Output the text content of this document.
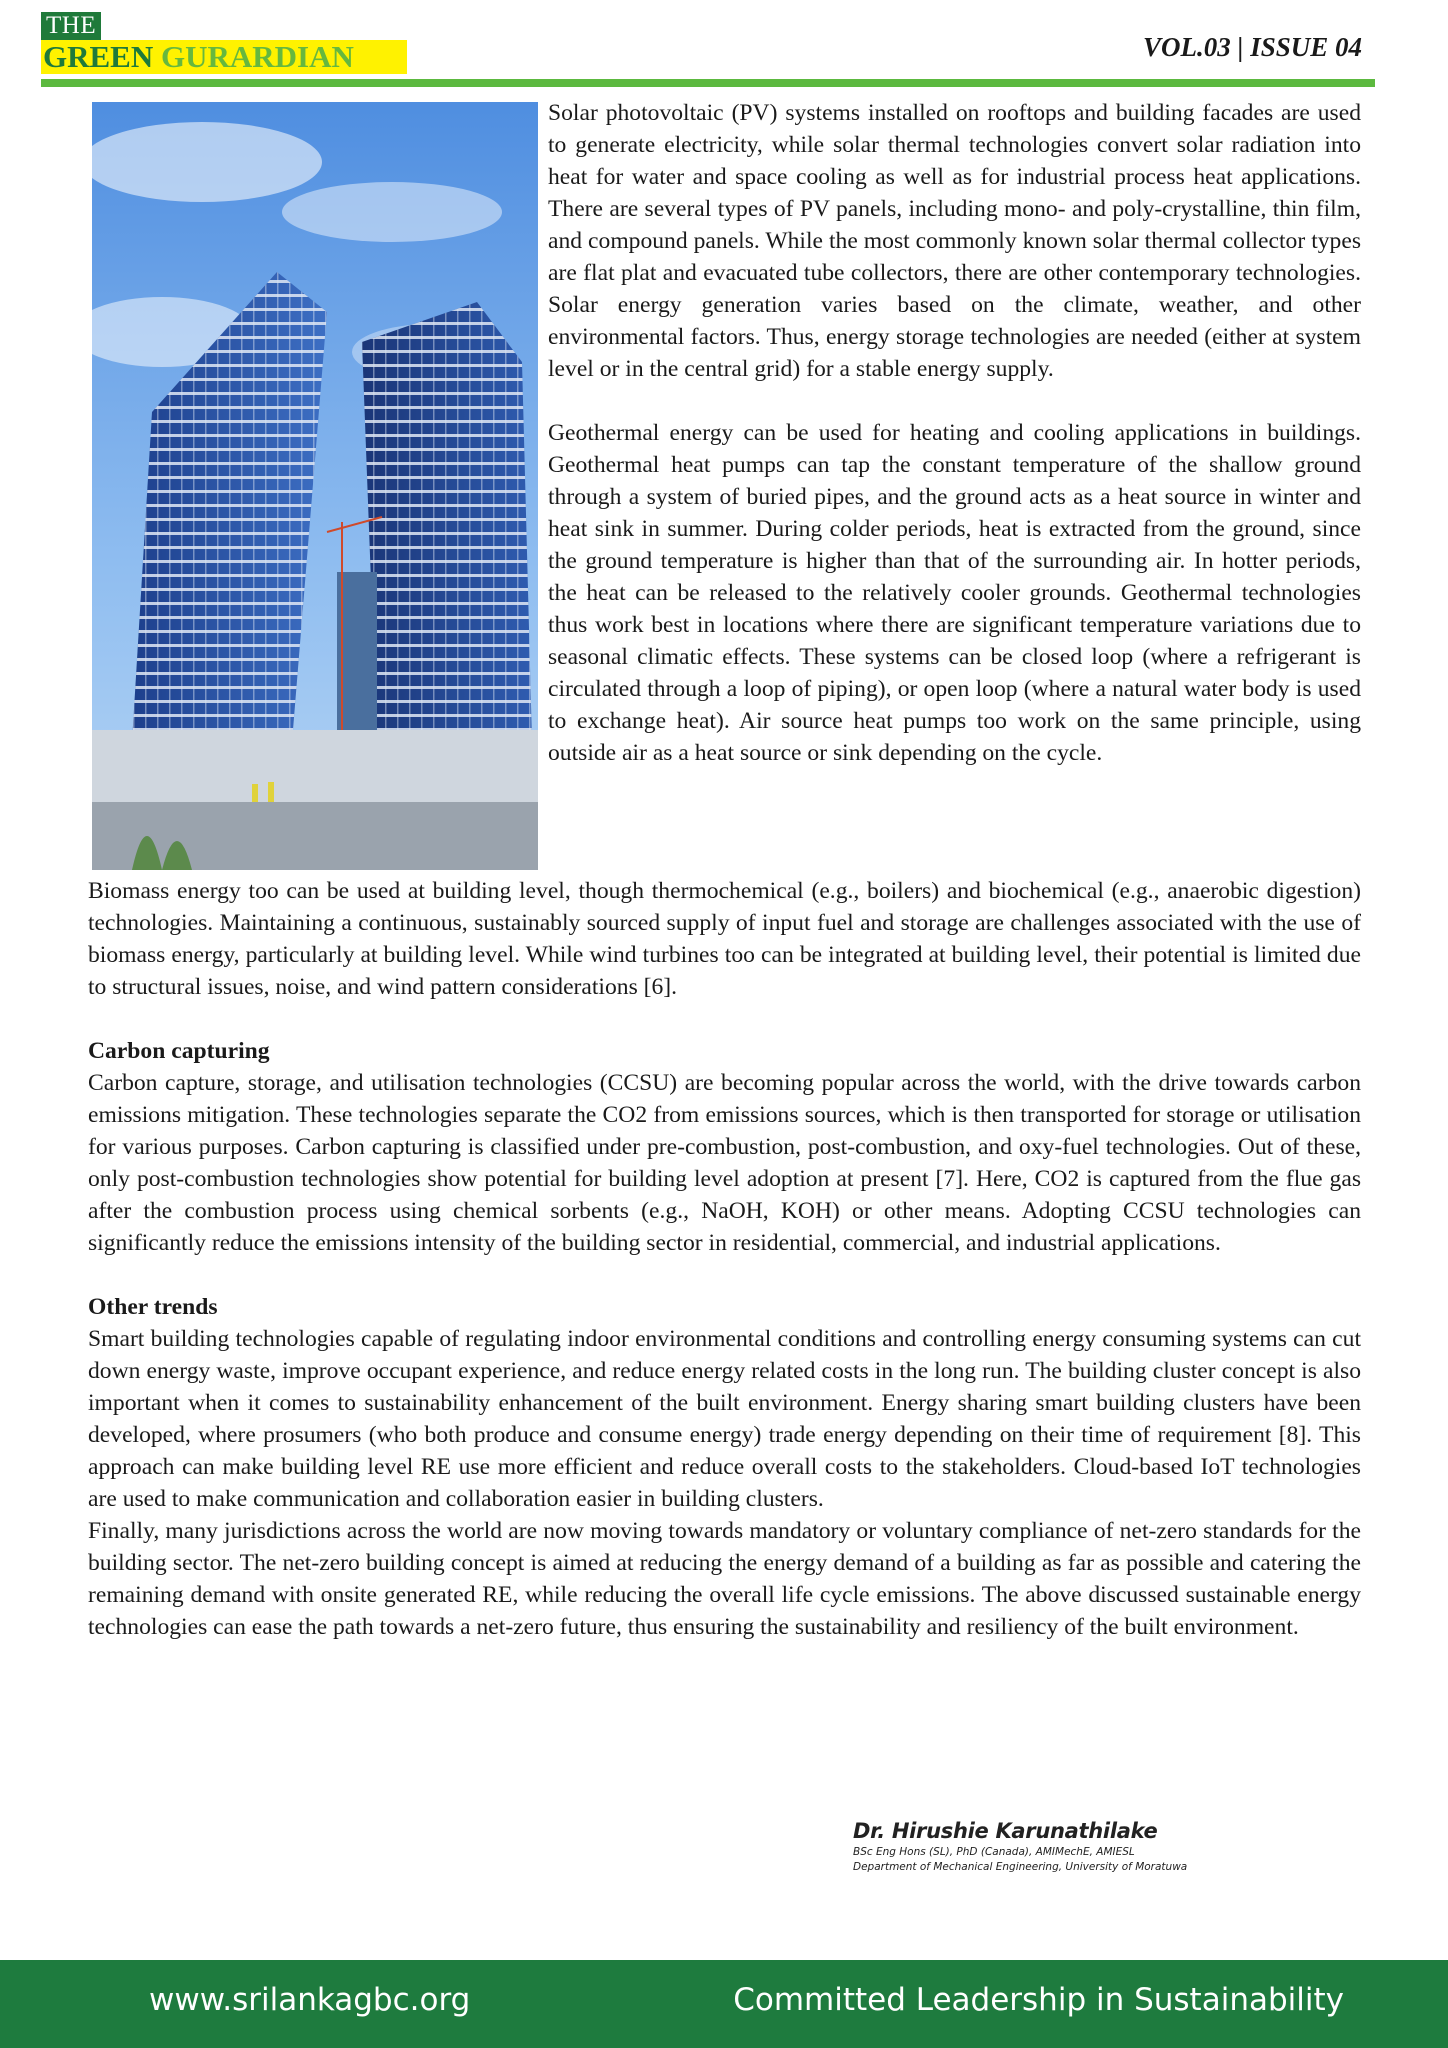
THE
GREEN GURARDIAN	VOL.03 | ISSUE 04

Solar photovoltaic (PV) systems installed on rooftops and building facades are used to generate electricity, while solar thermal technologies convert solar radiation into heat for water and space cooling as well as for industrial process heat applications. There are several types of PV panels, including mono- and poly-crystalline, thin film, and compound panels. While the most commonly known solar thermal collector types are flat plat and evacuated tube collectors, there are other contemporary technologies. Solar energy generation varies based on the climate, weather, and other environmental factors. Thus, energy storage technologies are needed (either at system level or in the central grid) for a stable energy supply.

Geothermal energy can be used for heating and cooling applications in buildings. Geothermal heat pumps can tap the constant temperature of the shallow ground through a system of buried pipes, and the ground acts as a heat source in winter and heat sink in summer. During colder periods, heat is extracted from the ground, since the ground temperature is higher than that of the surrounding air. In hotter periods, the heat can be released to the relatively cooler grounds. Geothermal technologies thus work best in locations where there are significant temperature variations due to seasonal climatic effects. These systems can be closed loop (where a refrigerant is circulated through a loop of piping), or open loop (where a natural water body is used to exchange heat). Air source heat pumps too work on the same principle, using outside air as a heat source or sink depending on the cycle.

Biomass energy too can be used at building level, though thermochemical (e.g., boilers) and biochemical (e.g., anaerobic digestion) technologies. Maintaining a continuous, sustainably sourced supply of input fuel and storage are challenges associated with the use of biomass energy, particularly at building level. While wind turbines too can be integrated at building level, their potential is limited due to structural issues, noise, and wind pattern considerations [6].

Carbon capturing

Carbon capture, storage, and utilisation technologies (CCSU) are becoming popular across the world, with the drive towards carbon emissions mitigation. These technologies separate the CO2 from emissions sources, which is then transported for storage or utilisation for various purposes. Carbon capturing is classified under pre-combustion, post-combustion, and oxy-fuel technologies. Out of these, only post-combustion technologies show potential for building level adoption at present [7]. Here, CO2 is captured from the flue gas after the combustion process using chemical sorbents (e.g., NaOH, KOH) or other means. Adopting CCSU technologies can significantly reduce the emissions intensity of the building sector in residential, commercial, and industrial applications.

Other trends

Smart building technologies capable of regulating indoor environmental conditions and controlling energy consuming systems can cut down energy waste, improve occupant experience, and reduce energy related costs in the long run. The building cluster concept is also important when it comes to sustainability enhancement of the built environment. Energy sharing smart building clusters have been developed, where prosumers (who both produce and consume energy) trade energy depending on their time of requirement [8]. This approach can make building level RE use more efficient and reduce overall costs to the stakeholders. Cloud-based IoT technologies are used to make communication and collaboration easier in building clusters.

Finally, many jurisdictions across the world are now moving towards mandatory or voluntary compliance of net-zero standards for the building sector. The net-zero building concept is aimed at reducing the energy demand of a building as far as possible and catering the remaining demand with onsite generated RE, while reducing the overall life cycle emissions. The above discussed sustainable energy technologies can ease the path towards a net-zero future, thus ensuring the sustainability and resiliency of the built environment.

Dr. Hirushie Karunathilake
BSc Eng Hons (SL), PhD (Canada), AMIMechE, AMIESL
Department of Mechanical Engineering, University of Moratuwa
www.srilankagbc.org	Committed Leadership in Sustainability
